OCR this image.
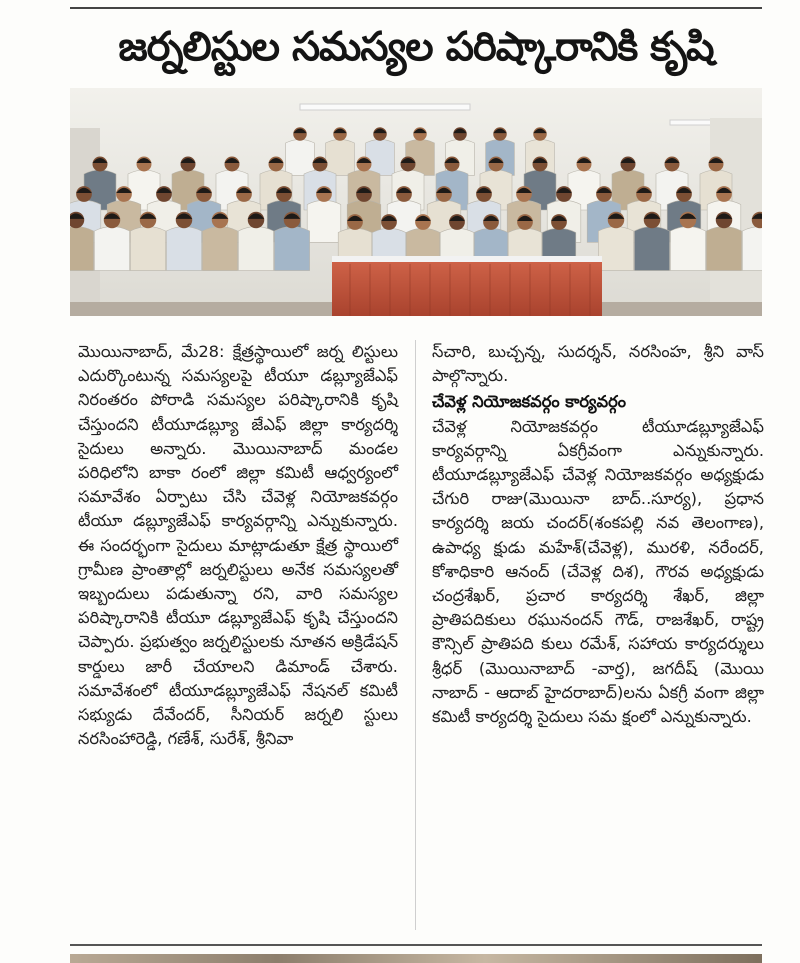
జర్నలిస్టుల సమస్యల పరిష్కారానికి కృషి

మొయినాబాద్, మే28: క్షేత్రస్థాయిలో జర్న లిస్టులు ఎదుర్కొంటున్న సమస్యలపై టీయూ డబ్ల్యూజేఎఫ్ నిరంతరం పోరాడి సమస్యల పరిష్కారానికి కృషి చేస్తుందని టీయూడబ్ల్యూ జేఎఫ్ జిల్లా కార్యదర్శి సైదులు అన్నారు. మొయినాబాద్ మండల పరిధిలోని బాకా రంలో జిల్లా కమిటీ ఆధ్వర్యంలో సమావేశం ఏర్పాటు చేసి చేవెళ్ల నియోజకవర్గం టీయూ డబ్ల్యూజేఎఫ్ కార్యవర్గాన్ని ఎన్నుకున్నారు. ఈ సందర్భంగా సైదులు మాట్లాడుతూ క్షేత్ర స్థాయిలో గ్రామీణ ప్రాంతాల్లో జర్నలిస్టులు అనేక సమస్యలతో ఇబ్బందులు పడుతున్నా రని, వారి సమస్యల పరిష్కారానికి టీయూ డబ్ల్యూజేఎఫ్ కృషి చేస్తుందని చెప్పారు. ప్రభుత్వం జర్నలిస్టులకు నూతన అక్రిడేషన్ కార్డులు జారీ చేయాలని డిమాండ్ చేశారు. సమావేశంలో టీయూడబ్ల్యూజేఎఫ్ నేషనల్ కమిటీ సభ్యుడు దేవేందర్, సీనియర్ జర్నలి స్టులు నరసింహారెడ్డి, గణేశ్, సురేశ్, శ్రీనివా

స్‌చారి, బుచ్చన్న, సుదర్శన్, నరసింహ, శ్రీని వాస్ పాల్గొన్నారు.

చేవెళ్ల నియోజకవర్గం కార్యవర్గం

చేవెళ్ల నియోజకవర్గం టీయూడబ్ల్యూజేఎఫ్ కార్యవర్గాన్ని ఏకగ్రీవంగా ఎన్నుకున్నారు. టీయూడబ్ల్యూజేఎఫ్ చేవెళ్ల నియోజకవర్గం అధ్యక్షుడు చేగురి రాజు(మొయినా బాద్..సూర్య), ప్రధాన కార్యదర్శి జయ చందర్(శంకపల్లి నవ తెలంగాణ), ఉపాధ్య క్షుడు మహేశ్(చేవెళ్ల), మురళి, నరేందర్, కోశాధికారి ఆనంద్ (చేవెళ్ల దిశ), గౌరవ అధ్యక్షుడు చంద్రశేఖర్, ప్రచార కార్యదర్శి శేఖర్, జిల్లా ప్రాతిపదికులు రఘునందన్ గౌడ్, రాజశేఖర్, రాష్ట్ర కౌన్సిల్ ప్రాతిపది కులు రమేశ్, సహాయ కార్యదర్శులు శ్రీధర్ (మొయినాబాద్ -వార్త), జగదీష్ (మొయి నాబాద్ - ఆదాబ్ హైదరాబాద్)లను ఏకగ్రీ వంగా జిల్లా కమిటీ కార్యదర్శి సైదులు సమ క్షంలో ఎన్నుకున్నారు.
